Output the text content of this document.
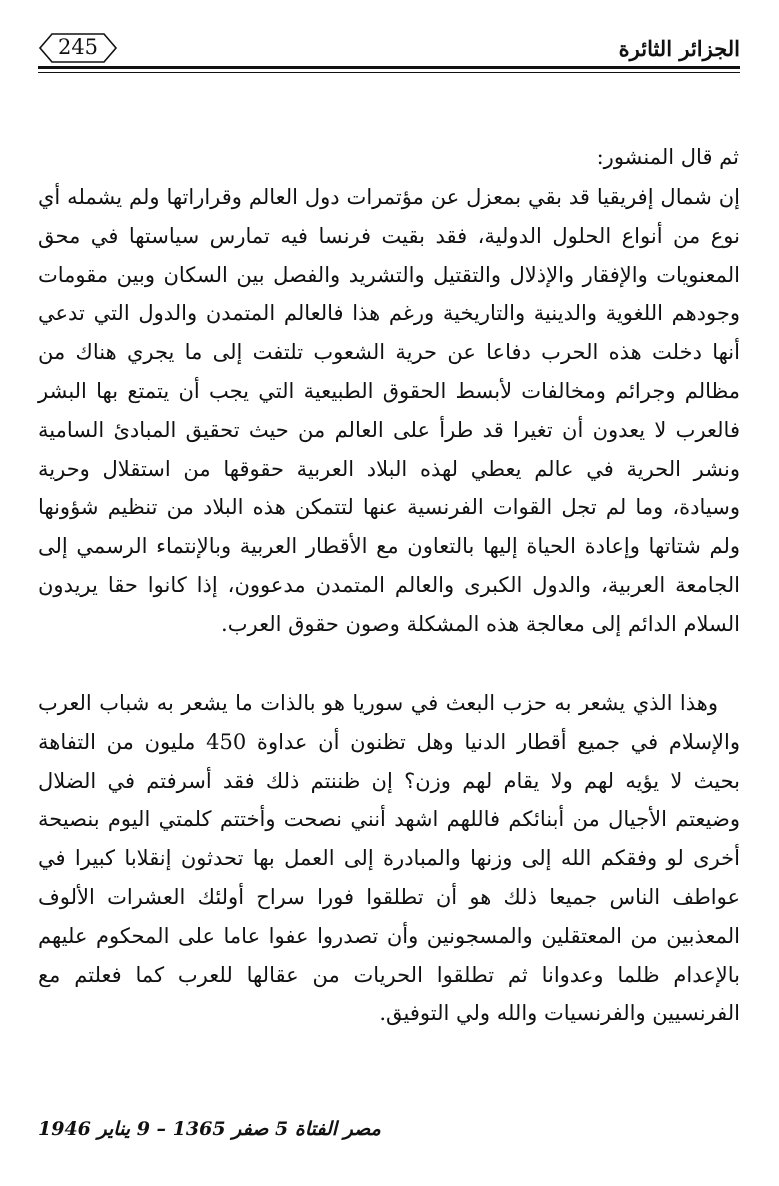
245	الجزائر الثائرة
ثم قال المنشور:
إن شمال إفريقيا قد بقي بمعزل عن مؤتمرات دول العالم وقراراتها ولم يشمله أي نوع من أنواع الحلول الدولية، فقد بقيت فرنسا فيه تمارس سياستها في محق المعنويات والإفقار والإذلال والتقتيل والتشريد والفصل بين السكان وبين مقومات وجودهم اللغوية والدينية والتاريخية ورغم هذا فالعالم المتمدن والدول التي تدعي أنها دخلت هذه الحرب دفاعا عن حرية الشعوب تلتفت إلى ما يجري هناك من مظالم وجرائم ومخالفات لأبسط الحقوق الطبيعية التي يجب أن يتمتع بها البشر فالعرب لا يعدون أن تغيرا قد طرأ على العالم من حيث تحقيق المبادئ السامية ونشر الحرية في عالم يعطي لهذه البلاد العربية حقوقها من استقلال وحرية وسيادة، وما لم تجل القوات الفرنسية عنها لتتمكن هذه البلاد من تنظيم شؤونها ولم شتاتها وإعادة الحياة إليها بالتعاون مع الأقطار العربية وبالإنتماء الرسمي إلى الجامعة العربية، والدول الكبرى والعالم المتمدن مدعوون، إذا كانوا حقا يريدون السلام الدائم إلى معالجة هذه المشكلة وصون حقوق العرب.
وهذا الذي يشعر به حزب البعث في سوريا هو بالذات ما يشعر به شباب العرب والإسلام في جميع أقطار الدنيا وهل تظنون أن عداوة 450 مليون من التفاهة بحيث لا يؤيه لهم ولا يقام لهم وزن؟ إن ظننتم ذلك فقد أسرفتم في الضلال وضيعتم الأجيال من أبنائكم فاللهم اشهد أنني نصحت وأختتم كلمتي اليوم بنصيحة أخرى لو وفقكم الله إلى وزنها والمبادرة إلى العمل بها تحدثون إنقلابا كبيرا في عواطف الناس جميعا ذلك هو أن تطلقوا فورا سراح أولئك العشرات الألوف المعذبين من المعتقلين والمسجونين وأن تصدروا عفوا عاما على المحكوم عليهم بالإعدام ظلما وعدوانا ثم تطلقوا الحريات من عقالها للعرب كما فعلتم مع الفرنسيين والفرنسيات والله ولي التوفيق.
مصر الفتاة 5 صفر 1365 – 9 يناير 1946
